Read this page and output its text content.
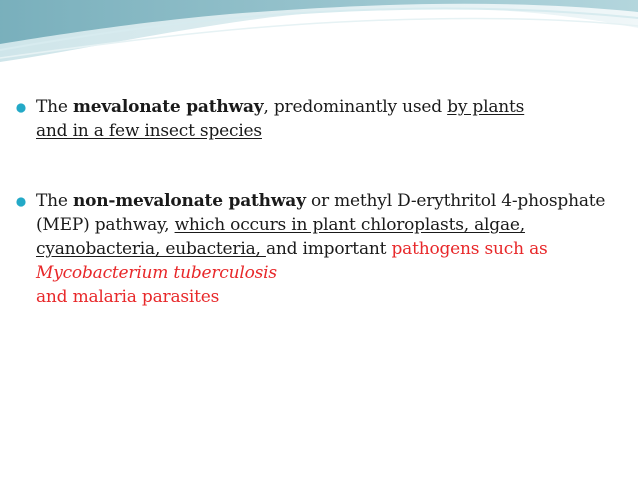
The mevalonate pathway, predominantly used by plants
and in a few insect species
The non-mevalonate pathway or methyl D-erythritol 4-phosphate (MEP) pathway, which occurs in plant chloroplasts, algae, cyanobacteria, eubacteria, and important pathogens such as Mycobacterium tuberculosis
and malaria parasites
